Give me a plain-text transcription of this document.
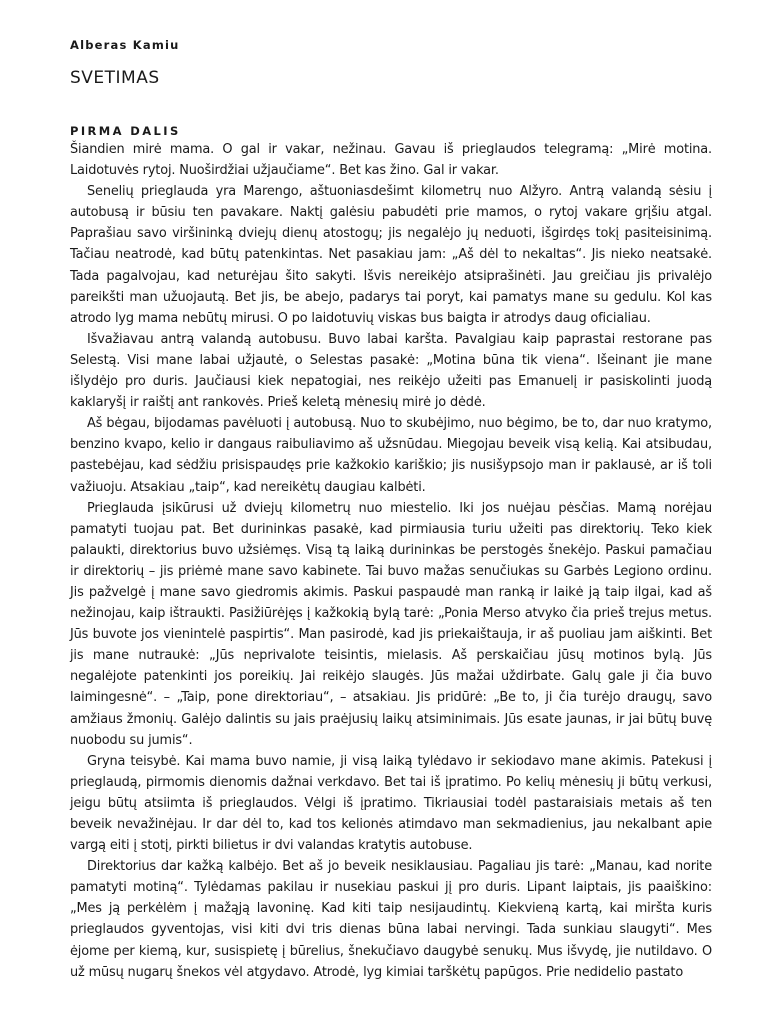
Alberas Kamiu
SVETIMAS
PIRMA DALIS

Šiandien mirė mama. O gal ir vakar, nežinau. Gavau iš prieglaudos telegramą: „Mirė motina. Laidotuvės rytoj. Nuoširdžiai užjaučiame“. Bet kas žino. Gal ir vakar.

Senelių prieglauda yra Marengo, aštuoniasdešimt kilometrų nuo Alžyro. Antrą valandą sėsiu į autobusą ir būsiu ten pavakare. Naktį galėsiu pabudėti prie mamos, o rytoj vakare grįšiu atgal. Paprašiau savo viršininką dviejų dienų atostogų; jis negalėjo jų neduoti, išgirdęs tokį pasiteisinimą. Tačiau neatrodė, kad būtų patenkintas. Net pasakiau jam: „Aš dėl to nekaltas“. Jis nieko neatsakė. Tada pagalvojau, kad neturėjau šito sakyti. Išvis nereikėjo atsiprašinėti. Jau greičiau jis privalėjo pareikšti man užuojautą. Bet jis, be abejo, padarys tai poryt, kai pamatys mane su gedulu. Kol kas atrodo lyg mama nebūtų mirusi. O po laidotuvių viskas bus baigta ir atrodys daug oficialiau.

Išvažiavau antrą valandą autobusu. Buvo labai karšta. Pavalgiau kaip paprastai restorane pas Selestą. Visi mane labai užjautė, o Selestas pasakė: „Motina būna tik viena“. Išeinant jie mane išlydėjo pro duris. Jaučiausi kiek nepatogiai, nes reikėjo užeiti pas Emanuelį ir pasiskolinti juodą kaklaryšį ir raištį ant rankovės. Prieš keletą mėnesių mirė jo dėdė.

Aš bėgau, bijodamas pavėluoti į autobusą. Nuo to skubėjimo, nuo bėgimo, be to, dar nuo kratymo, benzino kvapo, kelio ir dangaus raibuliavimo aš užsnūdau. Miegojau beveik visą kelią. Kai atsibudau, pastebėjau, kad sėdžiu prisispaudęs prie kažkokio kariškio; jis nusišypsojo man ir paklausė, ar iš toli važiuoju. Atsakiau „taip“, kad nereikėtų daugiau kalbėti.

Prieglauda įsikūrusi už dviejų kilometrų nuo miestelio. Iki jos nuėjau pėsčias. Mamą norėjau pamatyti tuojau pat. Bet durininkas pasakė, kad pirmiausia turiu užeiti pas direktorių. Teko kiek palaukti, direktorius buvo užsiėmęs. Visą tą laiką durininkas be perstogės šnekėjo. Paskui pamačiau ir direktorių – jis priėmė mane savo kabinete. Tai buvo mažas senučiukas su Garbės Legiono ordinu. Jis pažvelgė į mane savo giedromis akimis. Paskui paspaudė man ranką ir laikė ją taip ilgai, kad aš nežinojau, kaip ištraukti. Pasižiūrėjęs į kažkokią bylą tarė: „Ponia Merso atvyko čia prieš trejus metus. Jūs buvote jos vienintelė paspirtis“. Man pasirodė, kad jis priekaištauja, ir aš puoliau jam aiškinti. Bet jis mane nutraukė: „Jūs neprivalote teisintis, mielasis. Aš perskaičiau jūsų motinos bylą. Jūs negalėjote patenkinti jos poreikių. Jai reikėjo slaugės. Jūs mažai uždirbate. Galų gale ji čia buvo laimingesnė“. – „Taip, pone direktoriau“, – atsakiau. Jis pridūrė: „Be to, ji čia turėjo draugų, savo amžiaus žmonių. Galėjo dalintis su jais praėjusių laikų atsiminimais. Jūs esate jaunas, ir jai būtų buvę nuobodu su jumis“.

Gryna teisybė. Kai mama buvo namie, ji visą laiką tylėdavo ir sekiodavo mane akimis. Patekusi į prieglaudą, pirmomis dienomis dažnai verkdavo. Bet tai iš įpratimo. Po kelių mėnesių ji būtų verkusi, jeigu būtų atsiimta iš prieglaudos. Vėlgi iš įpratimo. Tikriausiai todėl pastaraisiais metais aš ten beveik nevažinėjau. Ir dar dėl to, kad tos kelionės atimdavo man sekmadienius, jau nekalbant apie vargą eiti į stotį, pirkti bilietus ir dvi valandas kratytis autobuse.

Direktorius dar kažką kalbėjo. Bet aš jo beveik nesiklausiau. Pagaliau jis tarė: „Manau, kad norite pamatyti motiną“. Tylėdamas pakilau ir nusekiau paskui jį pro duris. Lipant laiptais, jis paaiškino: „Mes ją perkėlėm į mažąją lavoninę. Kad kiti taip nesijaudintų. Kiekvieną kartą, kai miršta kuris prieglaudos gyventojas, visi kiti dvi tris dienas būna labai nervingi. Tada sunkiau slaugyti“. Mes ėjome per kiemą, kur, susispietę į būrelius, šnekučiavo daugybė senukų. Mus išvydę, jie nutildavo. O už mūsų nugarų šnekos vėl atgydavo. Atrodė, lyg kimiai tarškėtų papūgos. Prie nedidelio pastato
